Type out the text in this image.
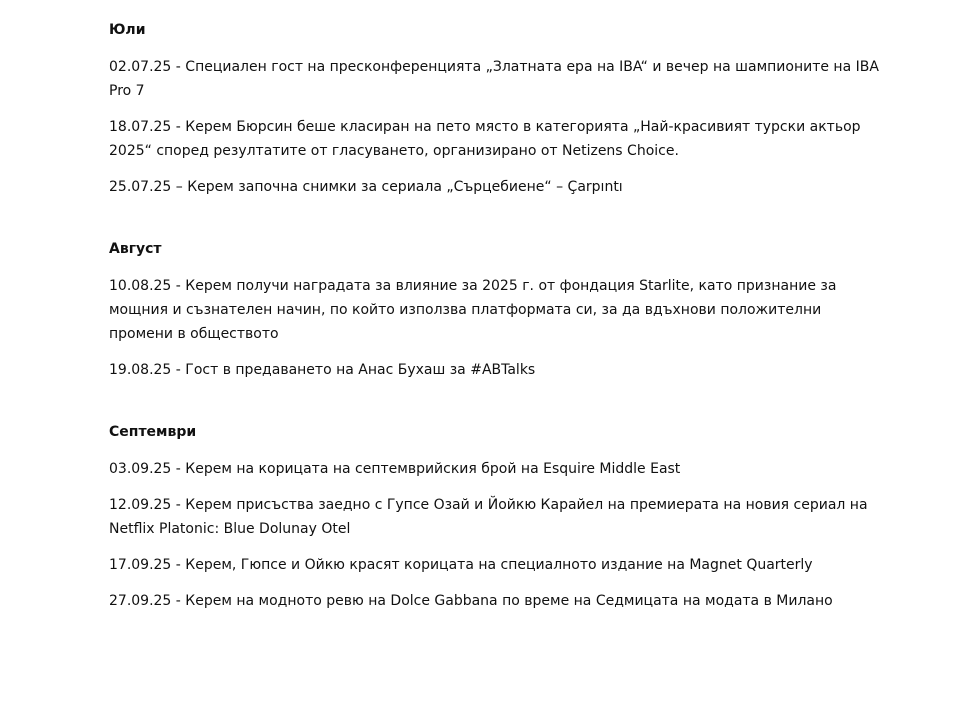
Юли
02.07.25 - Специален гост на пресконференцията „Златната ера на IBA“ и вечер на шампионите на IBA Pro 7
18.07.25 - Керем Бюрсин беше класиран на пето място в категорията „Най-красивият турски актьор 2025“ според резултатите от гласуването, организирано от Netizens Choice.
25.07.25 – Керем започна снимки за сериала „Сърцебиене“ – Çarpıntı
Август
10.08.25 - Керем получи наградата за влияние за 2025 г. от фондация Starlite, като признание за мощния и съзнателен начин, по който използва платформата си, за да вдъхнови положителни промени в обществото
19.08.25 - Гост в предаването на Анас Бухаш за #ABTalks
Септември
03.09.25 - Керем на корицата на септемврийския брой на Esquire Middle East
12.09.25 - Керем присъства заедно с Гупсе Озай и Йойкю Карайел на премиерата на новия сериал на Netflix Platonic: Blue Dolunay Otel
17.09.25 - Керем, Гюпсе и Ойкю красят корицата на специалното издание на Magnet Quarterly
27.09.25 - Керем на модното ревю на Dolce Gabbana по време на Седмицата на модата в Милано
